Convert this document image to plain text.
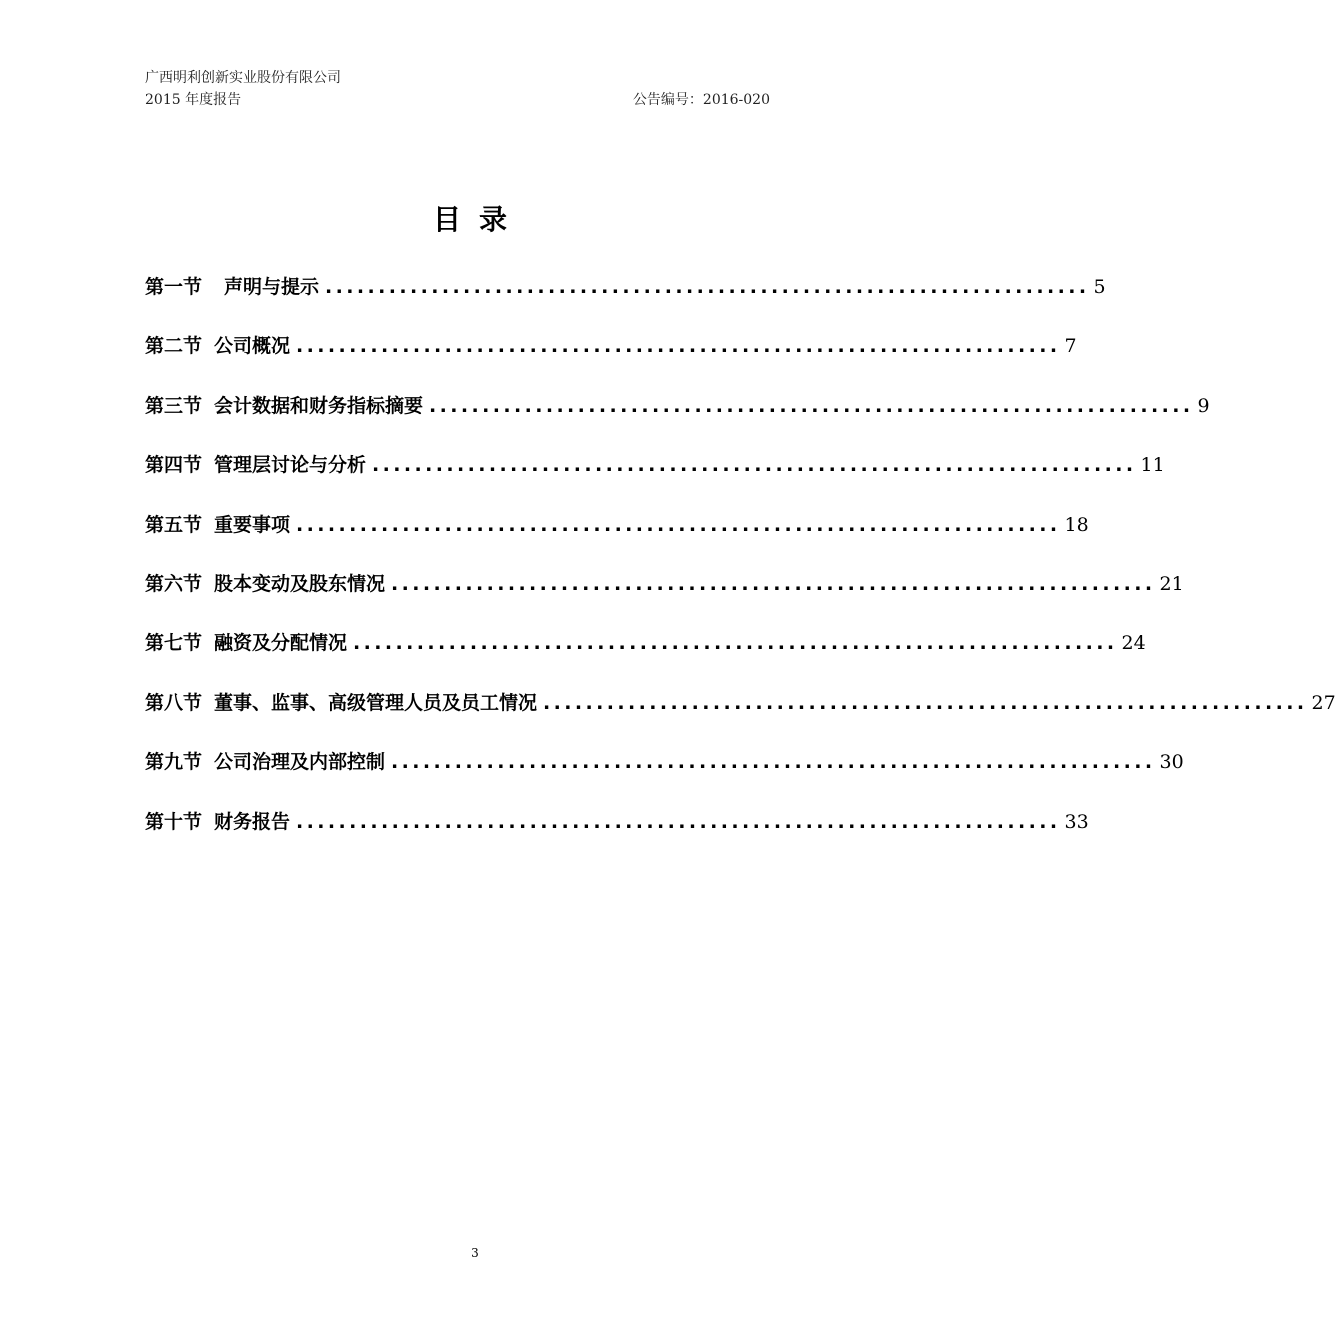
广西明利创新实业股份有限公司
2015 年度报告	公告编号：2016-020
目录
第一节 声明与提示 ........................................................................ 5
第二节 公司概况 ........................................................................ 7
第三节 会计数据和财务指标摘要 ........................................................................ 9
第四节 管理层讨论与分析 ........................................................................ 11
第五节 重要事项 ........................................................................ 18
第六节 股本变动及股东情况 ........................................................................ 21
第七节 融资及分配情况 ........................................................................ 24
第八节 董事、监事、高级管理人员及员工情况 ........................................................................ 27
第九节 公司治理及内部控制 ........................................................................ 30
第十节 财务报告 ........................................................................ 33
3
